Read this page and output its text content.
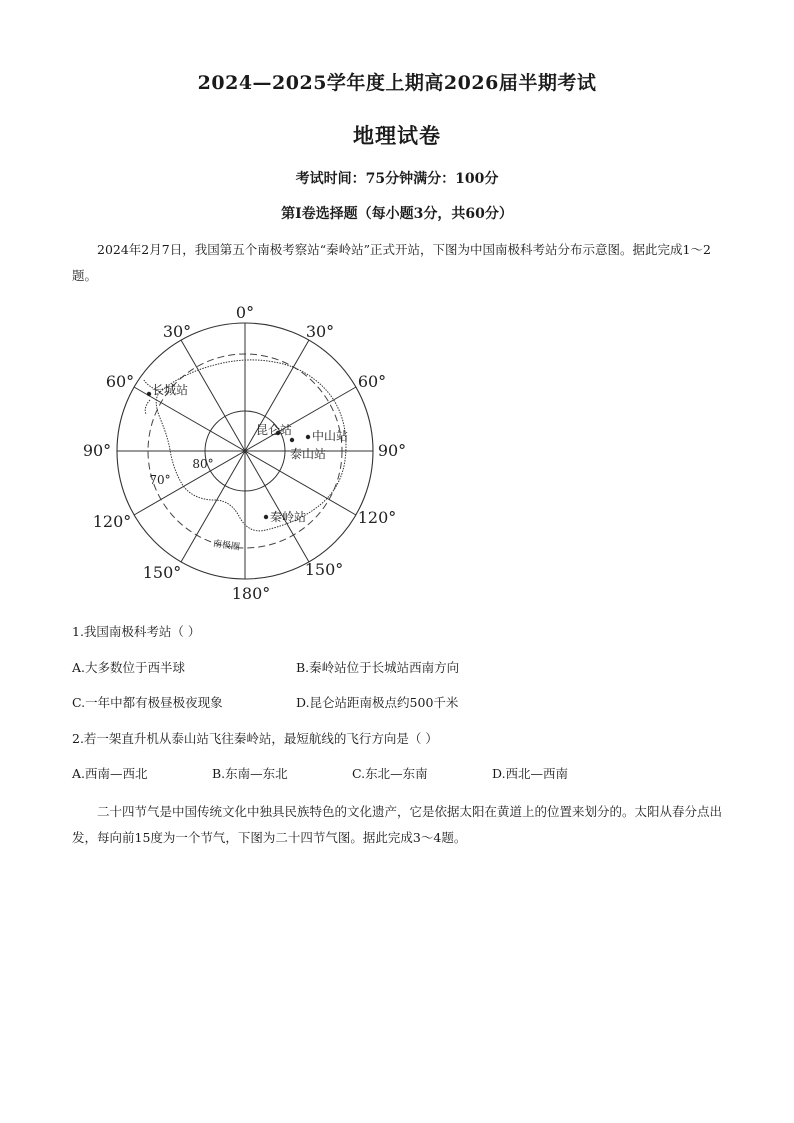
2024—2025学年度上期高2026届半期考试
地理试卷
考试时间：75分钟满分：100分
第I卷选择题（每小题3分，共60分）
2024年2月7日，我国第五个南极考察站“秦岭站”正式开站，下图为中国南极科考站分布示意图。据此完成1～2题。
0°
30°	30°
60°	60°
90°	90°
120°	120°
150°	150°
180°
80°
70°
南极圈
长城站
昆仑站 中山站
泰山站
秦岭站
1.我国南极科考站（ ）
A.大多数位于西半球	B.秦岭站位于长城站西南方向
C.一年中都有极昼极夜现象	D.昆仑站距南极点约500千米
2.若一架直升机从泰山站飞往秦岭站，最短航线的飞行方向是（ ）
A.西南—西北	B.东南—东北	C.东北—东南	D.西北—西南
二十四节气是中国传统文化中独具民族特色的文化遗产，它是依据太阳在黄道上的位置来划分的。太阳从春分点出发，每向前15度为一个节气，下图为二十四节气图。据此完成3～4题。
